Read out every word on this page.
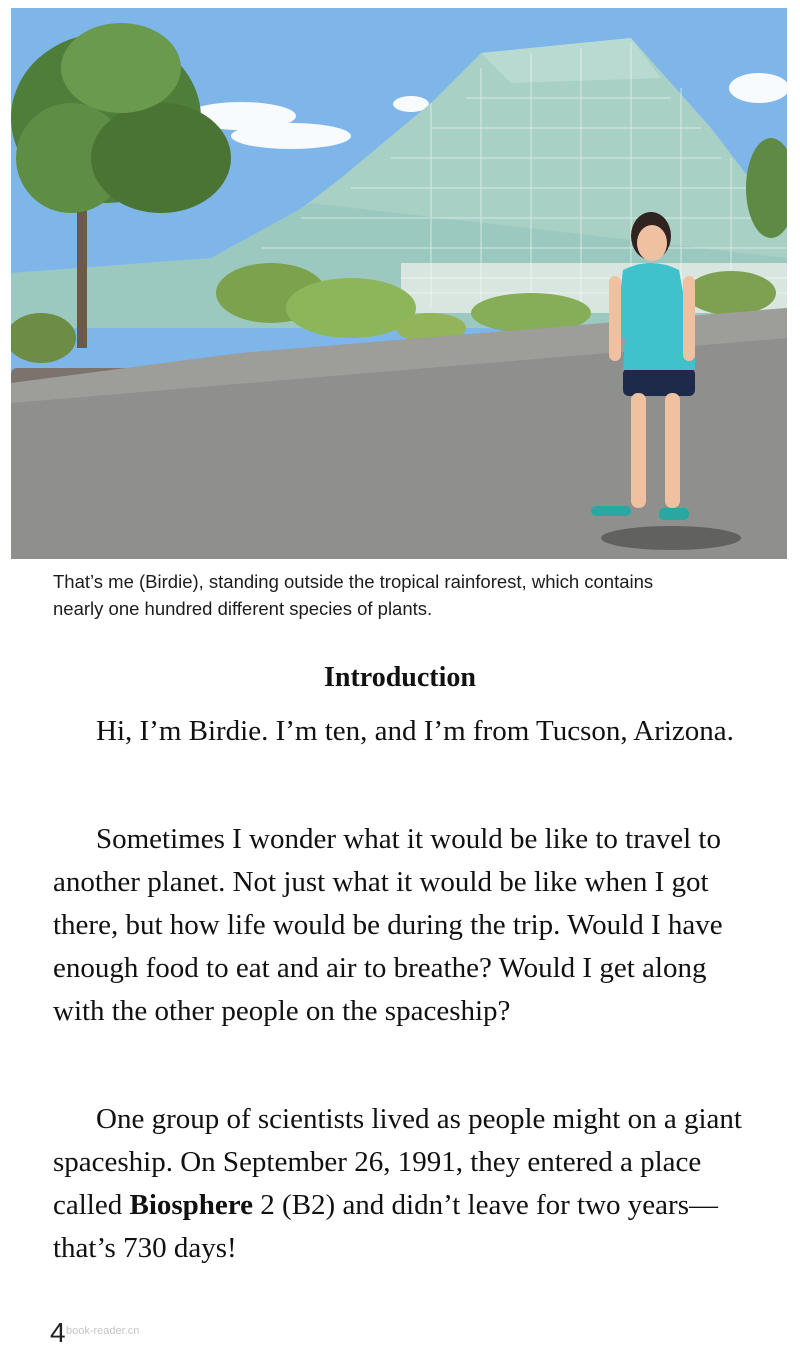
That’s me (Birdie), standing outside the tropical rainforest, which contains
nearly one hundred different species of plants.
Introduction
Hi, I’m Birdie. I’m ten, and I’m from Tucson, Arizona.
Sometimes I wonder what it would be like to travel to another planet. Not just what it would be like when I got there, but how life would be during the trip. Would I have enough food to eat and air to breathe? Would I get along with the other people on the spaceship?
One group of scientists lived as people might on a giant spaceship. On September 26, 1991, they entered a place called Biosphere 2 (B2) and didn’t leave for two years—that’s 730 days!
4 book-reader.cn
